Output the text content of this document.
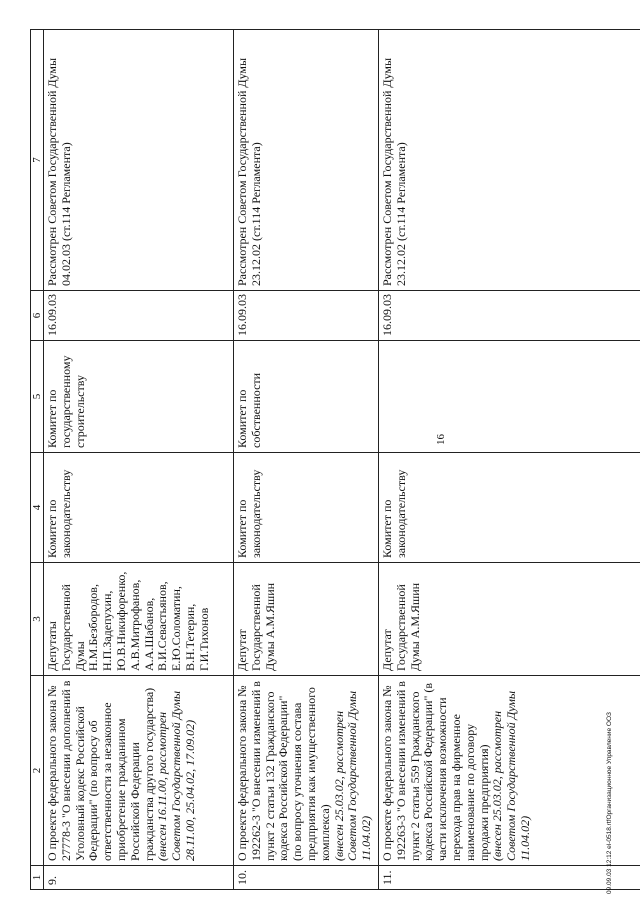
16
1	2	3	4	5	6	7
9.	О проекте федерального закона № 27778-3 "О внесении дополнений в Уголовный кодекс Российской Федерации" (по вопросу об ответственности за незаконное приобретение гражданином Российской Федерации гражданства другого государства) (внесен 16.11.00, рассмотрен Советом Государственной Думы 28.11.00, 25.04.02, 17.09.02)	Депутаты Государственной Думы Н.М.Безбородов, Н.П.Задепухин, Ю.В.Никифоренко, А.В.Митрофанов, А.А.Шабанов, В.И.Севастьянов, Е.Ю.Соломатин, В.Н.Тетерин, Г.И.Тихонов	Комитет по законодательству	Комитет по государственному строительству	16.09.03	Рассмотрен Советом Государственной Думы 04.02.03 (ст.114 Регламента)
10.	О проекте федерального закона № 192262-3 "О внесении изменений в пункт 2 статьи 132 Гражданского кодекса Российской Федерации" (по вопросу уточнения состава предприятия как имущественного комплекса) (внесен 25.03.02, рассмотрен Советом Государственной Думы 11.04.02)	Депутат Государственной Думы А.М.Яшин	Комитет по законодательству	Комитет по собственности	16.09.03	Рассмотрен Советом Государственной Думы 23.12.02 (ст.114 Регламента)
11.	О проекте федерального закона № 192263-3 "О внесении изменений в пункт 2 статьи 559 Гражданского кодекса Российской Федерации" (в части исключения возможности перехода прав на фирменное наименование по договору продажи предприятия) (внесен 25.03.02, рассмотрен Советом Государственной Думы 11.04.02)	Депутат Государственной Думы А.М.Яшин	Комитет по законодательству		16.09.03	Рассмотрен Советом Государственной Думы 23.12.02 (ст.114 Регламента)
09.09.03 12:12 el-0518.rtfОрганизационное Управление ООЗ
